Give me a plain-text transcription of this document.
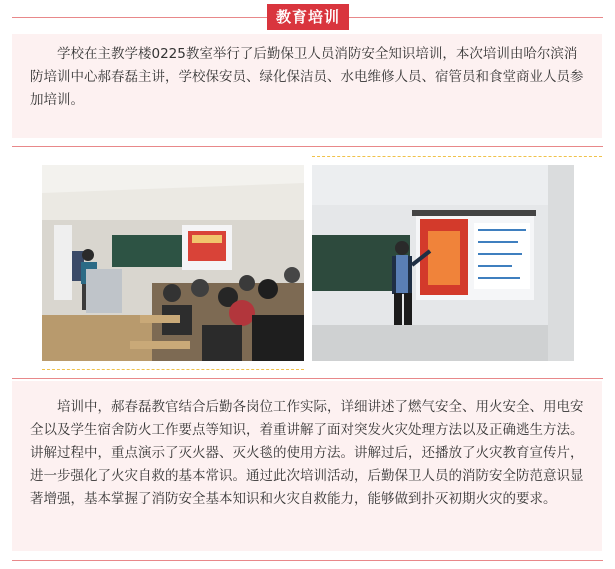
教育培训

学校在主教学楼0225教室举行了后勤保卫人员消防安全知识培训，本次培训由哈尔滨消防培训中心郝春磊主讲，学校保安员、绿化保洁员、水电维修人员、宿管员和食堂商业人员参加培训。

培训中，郝春磊教官结合后勤各岗位工作实际，详细讲述了燃气安全、用火安全、用电安全以及学生宿舍防火工作要点等知识，着重讲解了面对突发火灾处理方法以及正确逃生方法。 讲解过程中，重点演示了灭火器、灭火毯的使用方法。讲解过后，还播放了火灾教育宣传片，进一步强化了火灾自救的基本常识。通过此次培训活动，后勤保卫人员的消防安全防范意识显著增强，基本掌握了消防安全基本知识和火灾自救能力，能够做到扑灭初期火灾的要求。
